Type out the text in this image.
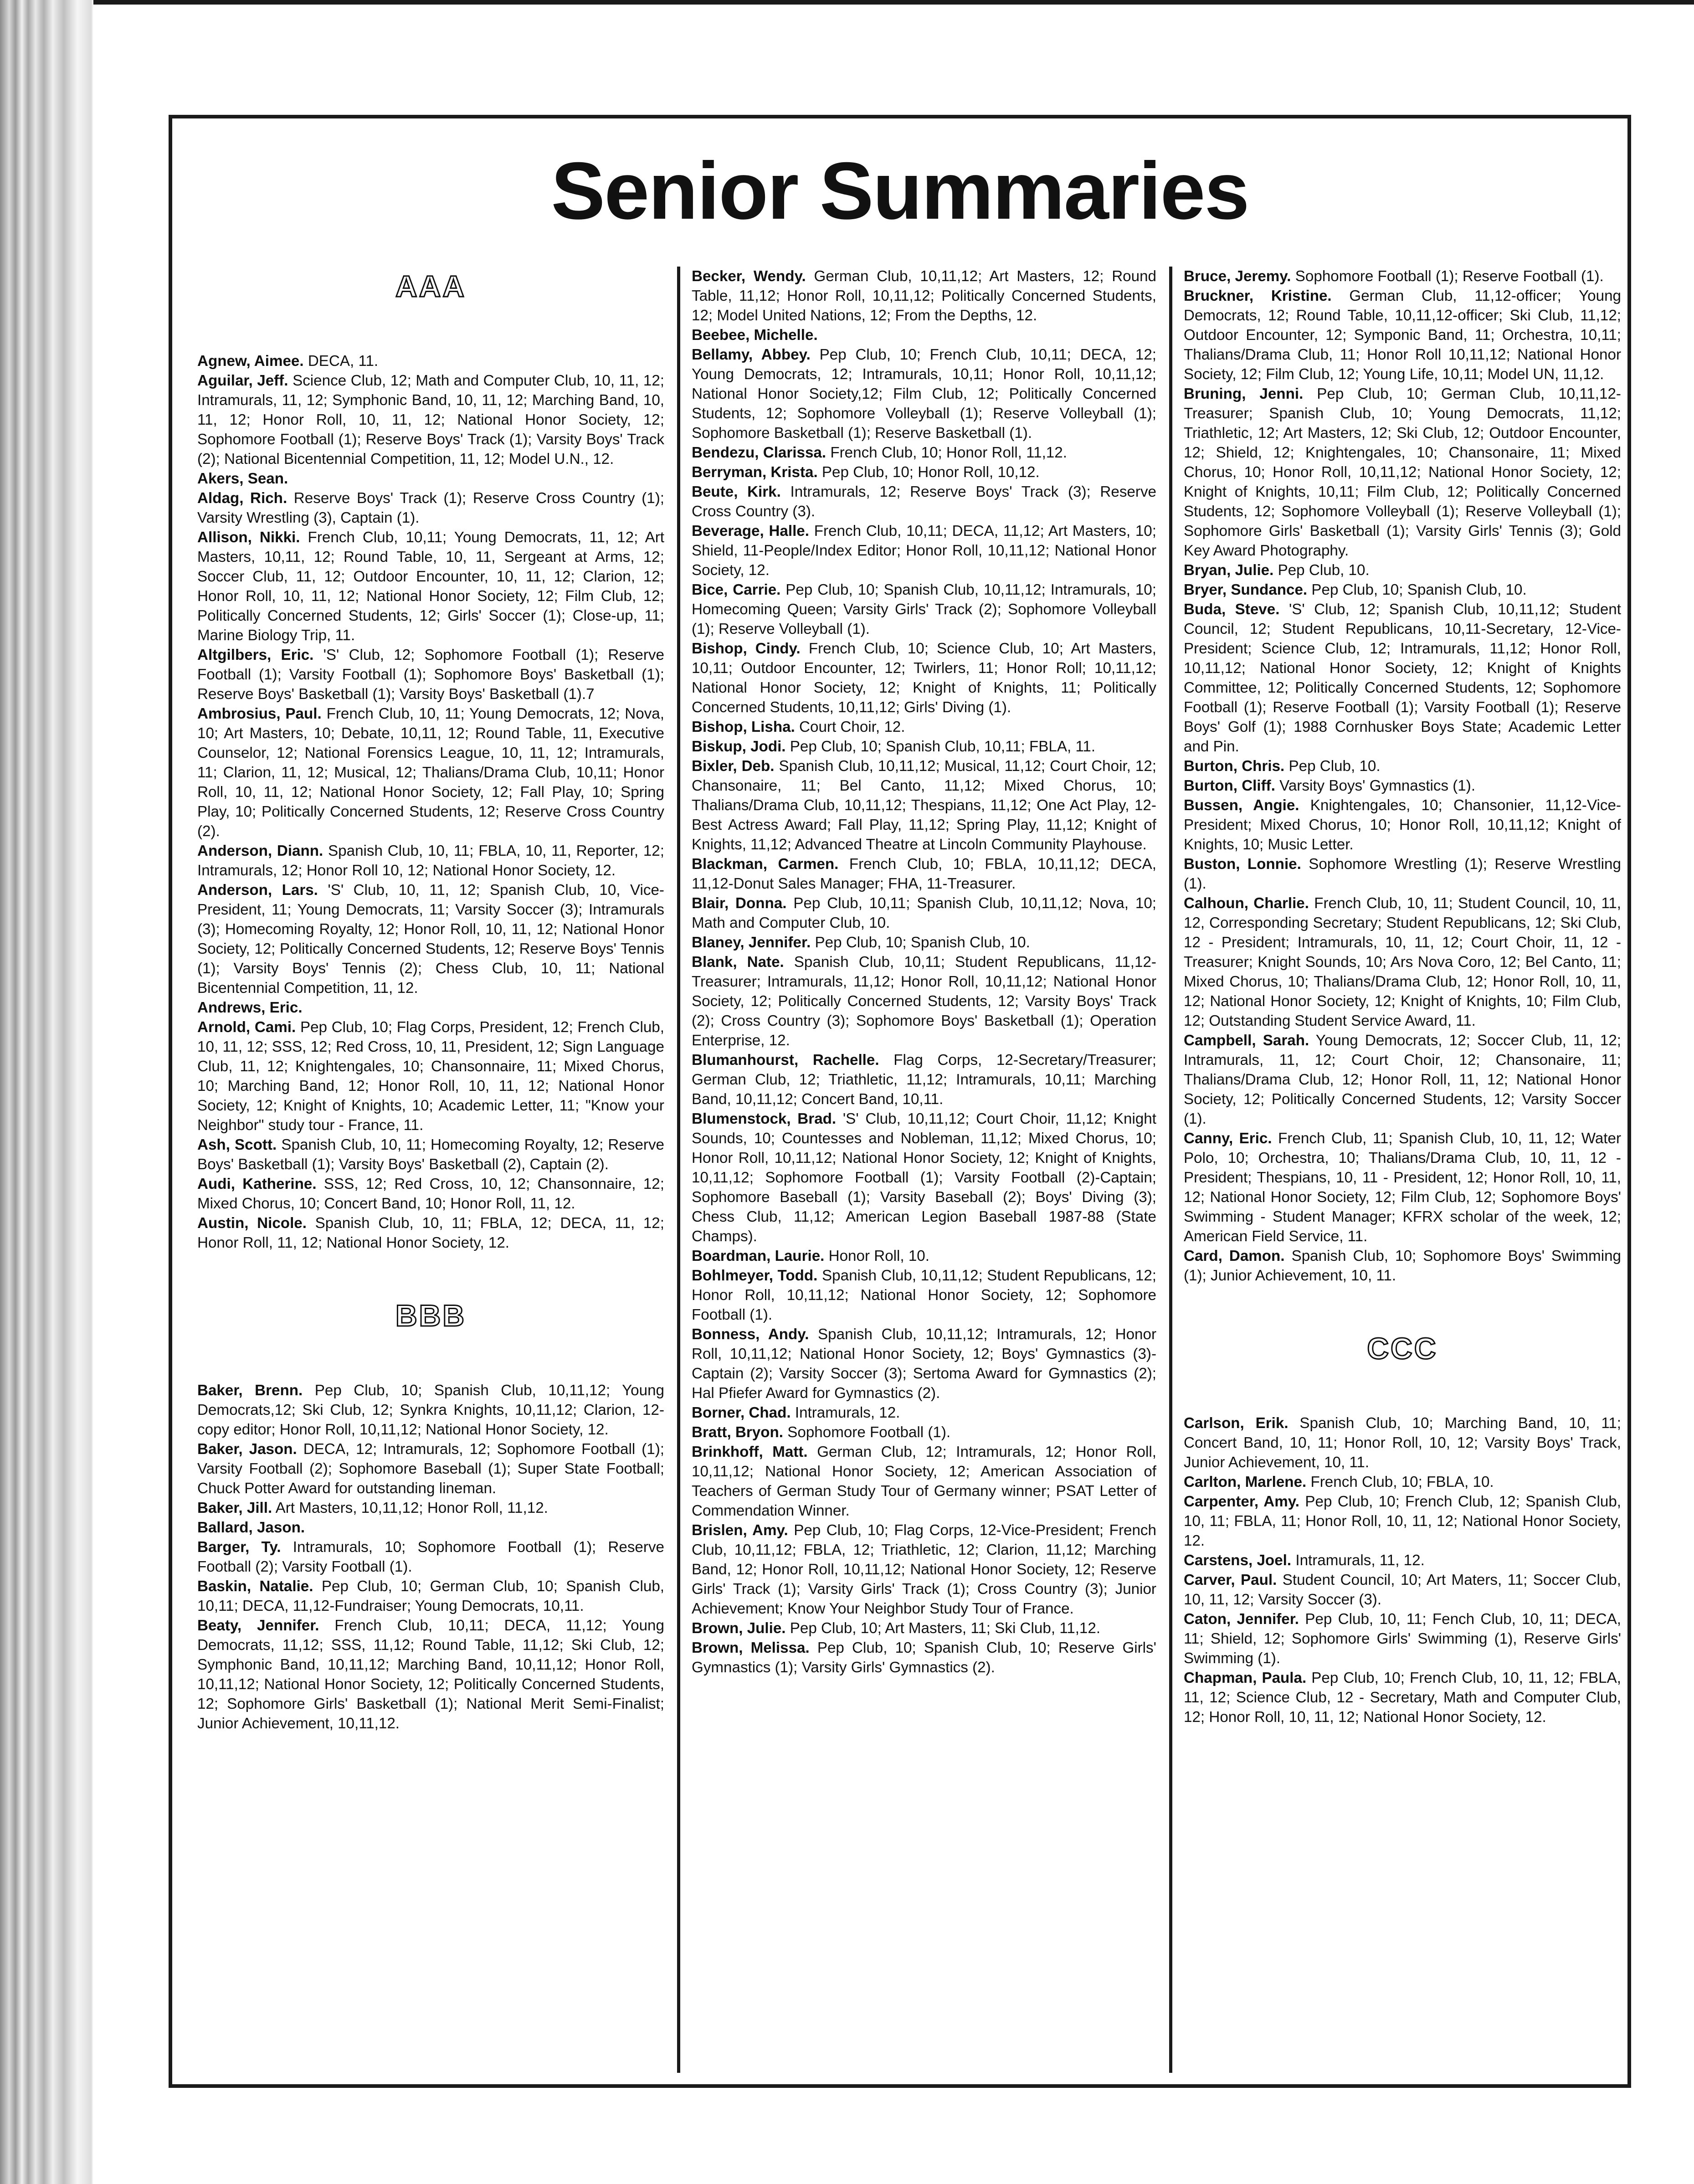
Senior Summaries
AAA

Agnew, Aimee. DECA, 11.

Aguilar, Jeff. Science Club, 12; Math and Computer Club, 10, 11, 12; Intramurals, 11, 12; Symphonic Band, 10, 11, 12; Marching Band, 10, 11, 12; Honor Roll, 10, 11, 12; National Honor Society, 12; Sophomore Football (1); Reserve Boys' Track (1); Varsity Boys' Track (2); National Bicentennial Competition, 11, 12; Model U.N., 12.

Akers, Sean.

Aldag, Rich. Reserve Boys' Track (1); Reserve Cross Country (1); Varsity Wrestling (3), Captain (1).

Allison, Nikki. French Club, 10,11; Young Democrats, 11, 12; Art Masters, 10,11, 12; Round Table, 10, 11, Sergeant at Arms, 12; Soccer Club, 11, 12; Outdoor Encounter, 10, 11, 12; Clarion, 12; Honor Roll, 10, 11, 12; National Honor Society, 12; Film Club, 12; Politically Concerned Students, 12; Girls' Soccer (1); Close-up, 11; Marine Biology Trip, 11.

Altgilbers, Eric. 'S' Club, 12; Sophomore Football (1); Reserve Football (1); Varsity Football (1); Sophomore Boys' Basketball (1); Reserve Boys' Basketball (1); Varsity Boys' Basketball (1).7

Ambrosius, Paul. French Club, 10, 11; Young Democrats, 12; Nova, 10; Art Masters, 10; Debate, 10,11, 12; Round Table, 11, Executive Counselor, 12; National Forensics League, 10, 11, 12; Intramurals, 11; Clarion, 11, 12; Musical, 12; Thalians/Drama Club, 10,11; Honor Roll, 10, 11, 12; National Honor Society, 12; Fall Play, 10; Spring Play, 10; Politically Concerned Students, 12; Reserve Cross Country (2).

Anderson, Diann. Spanish Club, 10, 11; FBLA, 10, 11, Reporter, 12; Intramurals, 12; Honor Roll 10, 12; National Honor Society, 12.

Anderson, Lars. 'S' Club, 10, 11, 12; Spanish Club, 10, Vice-President, 11; Young Democrats, 11; Varsity Soccer (3); Intramurals (3); Homecoming Royalty, 12; Honor Roll, 10, 11, 12; National Honor Society, 12; Politically Concerned Students, 12; Reserve Boys' Tennis (1); Varsity Boys' Tennis (2); Chess Club, 10, 11; National Bicentennial Competition, 11, 12.

Andrews, Eric.

Arnold, Cami. Pep Club, 10; Flag Corps, President, 12; French Club, 10, 11, 12; SSS, 12; Red Cross, 10, 11, President, 12; Sign Language Club, 11, 12; Knightengales, 10; Chansonnaire, 11; Mixed Chorus, 10; Marching Band, 12; Honor Roll, 10, 11, 12; National Honor Society, 12; Knight of Knights, 10; Academic Letter, 11; "Know your Neighbor" study tour - France, 11.

Ash, Scott. Spanish Club, 10, 11; Homecoming Royalty, 12; Reserve Boys' Basketball (1); Varsity Boys' Basketball (2), Captain (2).

Audi, Katherine. SSS, 12; Red Cross, 10, 12; Chansonnaire, 12; Mixed Chorus, 10; Concert Band, 10; Honor Roll, 11, 12.

Austin, Nicole. Spanish Club, 10, 11; FBLA, 12; DECA, 11, 12; Honor Roll, 11, 12; National Honor Society, 12.

BBB

Baker, Brenn. Pep Club, 10; Spanish Club, 10,11,12; Young Democrats,12; Ski Club, 12; Synkra Knights, 10,11,12; Clarion, 12-copy editor; Honor Roll, 10,11,12; National Honor Society, 12.

Baker, Jason. DECA, 12; Intramurals, 12; Sophomore Football (1); Varsity Football (2); Sophomore Baseball (1); Super State Football; Chuck Potter Award for outstanding lineman.

Baker, Jill. Art Masters, 10,11,12; Honor Roll, 11,12.

Ballard, Jason.

Barger, Ty. Intramurals, 10; Sophomore Football (1); Reserve Football (2); Varsity Football (1).

Baskin, Natalie. Pep Club, 10; German Club, 10; Spanish Club, 10,11; DECA, 11,12-Fundraiser; Young Democrats, 10,11.

Beaty, Jennifer. French Club, 10,11; DECA, 11,12; Young Democrats, 11,12; SSS, 11,12; Round Table, 11,12; Ski Club, 12; Symphonic Band, 10,11,12; Marching Band, 10,11,12; Honor Roll, 10,11,12; National Honor Society, 12; Politically Concerned Students, 12; Sophomore Girls' Basketball (1); National Merit Semi-Finalist; Junior Achievement, 10,11,12.

Becker, Wendy. German Club, 10,11,12; Art Masters, 12; Round Table, 11,12; Honor Roll, 10,11,12; Politically Concerned Students, 12; Model United Nations, 12; From the Depths, 12.

Beebee, Michelle.

Bellamy, Abbey. Pep Club, 10; French Club, 10,11; DECA, 12; Young Democrats, 12; Intramurals, 10,11; Honor Roll, 10,11,12; National Honor Society,12; Film Club, 12; Politically Concerned Students, 12; Sophomore Volleyball (1); Reserve Volleyball (1); Sophomore Basketball (1); Reserve Basketball (1).

Bendezu, Clarissa. French Club, 10; Honor Roll, 11,12.

Berryman, Krista. Pep Club, 10; Honor Roll, 10,12.

Beute, Kirk. Intramurals, 12; Reserve Boys' Track (3); Reserve Cross Country (3).

Beverage, Halle. French Club, 10,11; DECA, 11,12; Art Masters, 10; Shield, 11-People/Index Editor; Honor Roll, 10,11,12; National Honor Society, 12.

Bice, Carrie. Pep Club, 10; Spanish Club, 10,11,12; Intramurals, 10; Homecoming Queen; Varsity Girls' Track (2); Sophomore Volleyball (1); Reserve Volleyball (1).

Bishop, Cindy. French Club, 10; Science Club, 10; Art Masters, 10,11; Outdoor Encounter, 12; Twirlers, 11; Honor Roll; 10,11,12; National Honor Society, 12; Knight of Knights, 11; Politically Concerned Students, 10,11,12; Girls' Diving (1).

Bishop, Lisha. Court Choir, 12.

Biskup, Jodi. Pep Club, 10; Spanish Club, 10,11; FBLA, 11.

Bixler, Deb. Spanish Club, 10,11,12; Musical, 11,12; Court Choir, 12; Chansonaire, 11; Bel Canto, 11,12; Mixed Chorus, 10; Thalians/Drama Club, 10,11,12; Thespians, 11,12; One Act Play, 12-Best Actress Award; Fall Play, 11,12; Spring Play, 11,12; Knight of Knights, 11,12; Advanced Theatre at Lincoln Community Playhouse.

Blackman, Carmen. French Club, 10; FBLA, 10,11,12; DECA, 11,12-Donut Sales Manager; FHA, 11-Treasurer.

Blair, Donna. Pep Club, 10,11; Spanish Club, 10,11,12; Nova, 10; Math and Computer Club, 10.

Blaney, Jennifer. Pep Club, 10; Spanish Club, 10.

Blank, Nate. Spanish Club, 10,11; Student Republicans, 11,12-Treasurer; Intramurals, 11,12; Honor Roll, 10,11,12; National Honor Society, 12; Politically Concerned Students, 12; Varsity Boys' Track (2); Cross Country (3); Sophomore Boys' Basketball (1); Operation Enterprise, 12.

Blumanhourst, Rachelle. Flag Corps, 12-Secretary/Treasurer; German Club, 12; Triathletic, 11,12; Intramurals, 10,11; Marching Band, 10,11,12; Concert Band, 10,11.

Blumenstock, Brad. 'S' Club, 10,11,12; Court Choir, 11,12; Knight Sounds, 10; Countesses and Nobleman, 11,12; Mixed Chorus, 10; Honor Roll, 10,11,12; National Honor Society, 12; Knight of Knights, 10,11,12; Sophomore Football (1); Varsity Football (2)-Captain; Sophomore Baseball (1); Varsity Baseball (2); Boys' Diving (3); Chess Club, 11,12; American Legion Baseball 1987-88 (State Champs).

Boardman, Laurie. Honor Roll, 10.

Bohlmeyer, Todd. Spanish Club, 10,11,12; Student Republicans, 12; Honor Roll, 10,11,12; National Honor Society, 12; Sophomore Football (1).

Bonness, Andy. Spanish Club, 10,11,12; Intramurals, 12; Honor Roll, 10,11,12; National Honor Society, 12; Boys' Gymnastics (3)-Captain (2); Varsity Soccer (3); Sertoma Award for Gymnastics (2); Hal Pfiefer Award for Gymnastics (2).

Borner, Chad. Intramurals, 12.

Bratt, Bryon. Sophomore Football (1).

Brinkhoff, Matt. German Club, 12; Intramurals, 12; Honor Roll, 10,11,12; National Honor Society, 12; American Association of Teachers of German Study Tour of Germany winner; PSAT Letter of Commendation Winner.

Brislen, Amy. Pep Club, 10; Flag Corps, 12-Vice-President; French Club, 10,11,12; FBLA, 12; Triathletic, 12; Clarion, 11,12; Marching Band, 12; Honor Roll, 10,11,12; National Honor Society, 12; Reserve Girls' Track (1); Varsity Girls' Track (1); Cross Country (3); Junior Achievement; Know Your Neighbor Study Tour of France.

Brown, Julie. Pep Club, 10; Art Masters, 11; Ski Club, 11,12.

Brown, Melissa. Pep Club, 10; Spanish Club, 10; Reserve Girls' Gymnastics (1); Varsity Girls' Gymnastics (2).

Bruce, Jeremy. Sophomore Football (1); Reserve Football (1).

Bruckner, Kristine. German Club, 11,12-officer; Young Democrats, 12; Round Table, 10,11,12-officer; Ski Club, 11,12; Outdoor Encounter, 12; Symponic Band, 11; Orchestra, 10,11; Thalians/Drama Club, 11; Honor Roll 10,11,12; National Honor Society, 12; Film Club, 12; Young Life, 10,11; Model UN, 11,12.

Bruning, Jenni. Pep Club, 10; German Club, 10,11,12-Treasurer; Spanish Club, 10; Young Democrats, 11,12; Triathletic, 12; Art Masters, 12; Ski Club, 12; Outdoor Encounter, 12; Shield, 12; Knightengales, 10; Chansonaire, 11; Mixed Chorus, 10; Honor Roll, 10,11,12; National Honor Society, 12; Knight of Knights, 10,11; Film Club, 12; Politically Concerned Students, 12; Sophomore Volleyball (1); Reserve Volleyball (1); Sophomore Girls' Basketball (1); Varsity Girls' Tennis (3); Gold Key Award Photography.

Bryan, Julie. Pep Club, 10.

Bryer, Sundance. Pep Club, 10; Spanish Club, 10.

Buda, Steve. 'S' Club, 12; Spanish Club, 10,11,12; Student Council, 12; Student Republicans, 10,11-Secretary, 12-Vice-President; Science Club, 12; Intramurals, 11,12; Honor Roll, 10,11,12; National Honor Society, 12; Knight of Knights Committee, 12; Politically Concerned Students, 12; Sophomore Football (1); Reserve Football (1); Varsity Football (1); Reserve Boys' Golf (1); 1988 Cornhusker Boys State; Academic Letter and Pin.

Burton, Chris. Pep Club, 10.

Burton, Cliff. Varsity Boys' Gymnastics (1).

Bussen, Angie. Knightengales, 10; Chansonier, 11,12-Vice-President; Mixed Chorus, 10; Honor Roll, 10,11,12; Knight of Knights, 10; Music Letter.

Buston, Lonnie. Sophomore Wrestling (1); Reserve Wrestling (1).

Calhoun, Charlie. French Club, 10, 11; Student Council, 10, 11, 12, Corresponding Secretary; Student Republicans, 12; Ski Club, 12 - President; Intramurals, 10, 11, 12; Court Choir, 11, 12 - Treasurer; Knight Sounds, 10; Ars Nova Coro, 12; Bel Canto, 11; Mixed Chorus, 10; Thalians/Drama Club, 12; Honor Roll, 10, 11, 12; National Honor Society, 12; Knight of Knights, 10; Film Club, 12; Outstanding Student Service Award, 11.

Campbell, Sarah. Young Democrats, 12; Soccer Club, 11, 12; Intramurals, 11, 12; Court Choir, 12; Chansonaire, 11; Thalians/Drama Club, 12; Honor Roll, 11, 12; National Honor Society, 12; Politically Concerned Students, 12; Varsity Soccer (1).

Canny, Eric. French Club, 11; Spanish Club, 10, 11, 12; Water Polo, 10; Orchestra, 10; Thalians/Drama Club, 10, 11, 12 - President; Thespians, 10, 11 - President, 12; Honor Roll, 10, 11, 12; National Honor Society, 12; Film Club, 12; Sophomore Boys' Swimming - Student Manager; KFRX scholar of the week, 12; American Field Service, 11.

Card, Damon. Spanish Club, 10; Sophomore Boys' Swimming (1); Junior Achievement, 10, 11.

CCC

Carlson, Erik. Spanish Club, 10; Marching Band, 10, 11; Concert Band, 10, 11; Honor Roll, 10, 12; Varsity Boys' Track, Junior Achievement, 10, 11.

Carlton, Marlene. French Club, 10; FBLA, 10.

Carpenter, Amy. Pep Club, 10; French Club, 12; Spanish Club, 10, 11; FBLA, 11; Honor Roll, 10, 11, 12; National Honor Society, 12.

Carstens, Joel. Intramurals, 11, 12.

Carver, Paul. Student Council, 10; Art Maters, 11; Soccer Club, 10, 11, 12; Varsity Soccer (3).

Caton, Jennifer. Pep Club, 10, 11; Fench Club, 10, 11; DECA, 11; Shield, 12; Sophomore Girls' Swimming (1), Reserve Girls' Swimming (1).

Chapman, Paula. Pep Club, 10; French Club, 10, 11, 12; FBLA, 11, 12; Science Club, 12 - Secretary, Math and Computer Club, 12; Honor Roll, 10, 11, 12; National Honor Society, 12.
